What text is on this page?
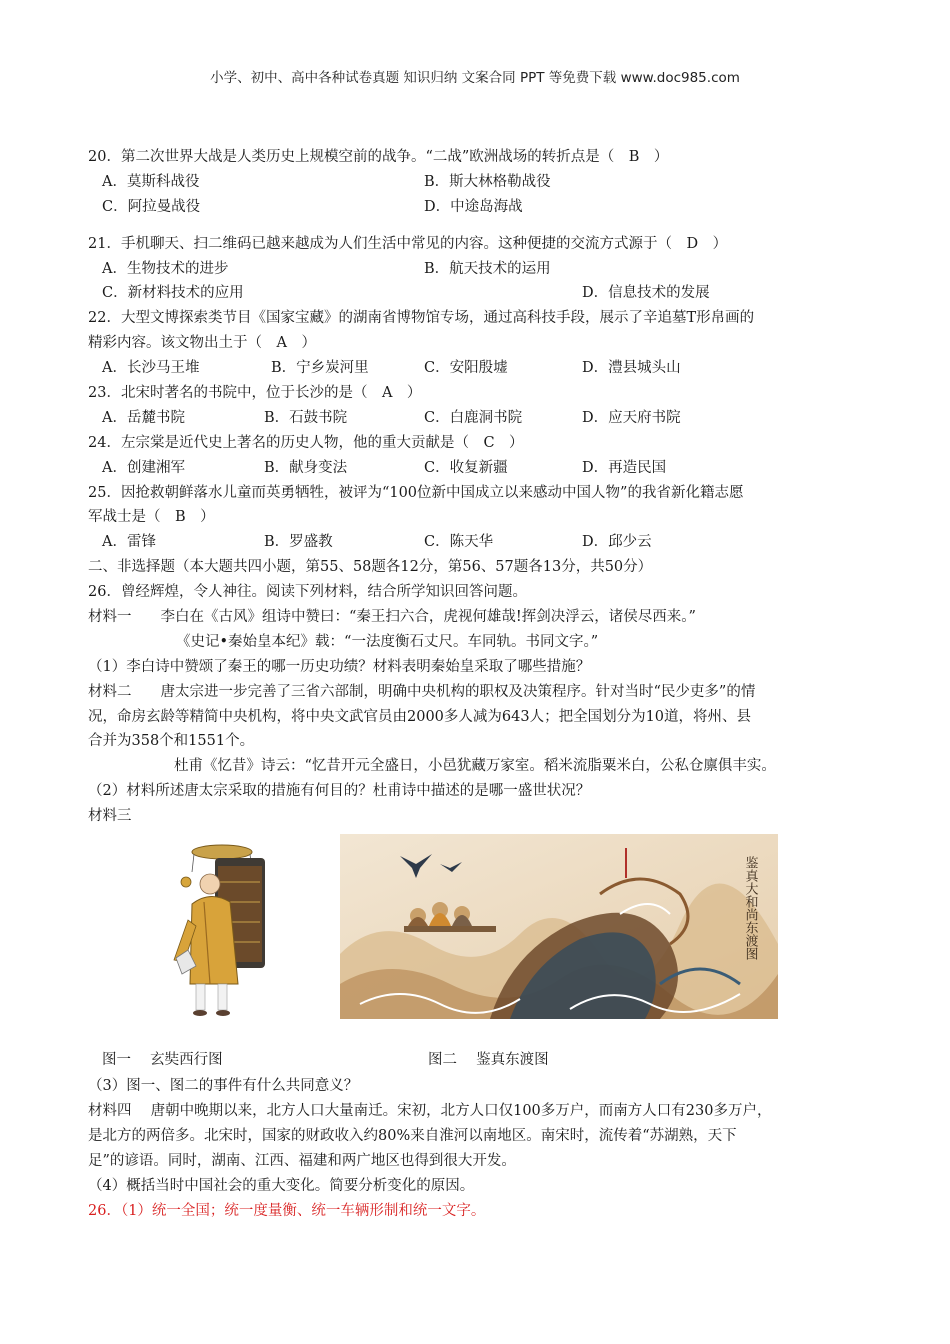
小学、初中、高中各种试卷真题 知识归纳 文案合同 PPT 等免费下载 www.doc985.com
20．第二次世界大战是人类历史上规模空前的战争。“二战”欧洲战场的转折点是（　B　）
A．莫斯科战役	B．斯大林格勒战役
C．阿拉曼战役	D．中途岛海战
21．手机聊天、扫二维码已越来越成为人们生活中常见的内容。这种便捷的交流方式源于（　D　）
A．生物技术的进步	B．航天技术的运用
C．新材料技术的应用	D．信息技术的发展
22．大型文博探索类节目《国家宝藏》的湖南省博物馆专场，通过高科技手段，展示了辛追墓T形帛画的
精彩内容。该文物出土于（　A　）
A．长沙马王堆	B．宁乡炭河里	C．安阳殷墟	D．澧县城头山
23．北宋时著名的书院中，位于长沙的是（　A　）
A．岳麓书院	B．石鼓书院	C．白鹿洞书院	D．应天府书院
24．左宗棠是近代史上著名的历史人物，他的重大贡献是（　C　）
A．创建湘军	B．献身变法	C．收复新疆	D．再造民国
25．因抢救朝鲜落水儿童而英勇牺牲，被评为“100位新中国成立以来感动中国人物”的我省新化籍志愿
军战士是（　B　）
A．雷锋	B．罗盛教	C．陈天华	D．邱少云
二、非选择题（本大题共四小题，第55、58题各12分，第56、57题各13分，共50分）
26．曾经辉煌，令人神往。阅读下列材料，结合所学知识回答问题。
材料一　　李白在《古风》组诗中赞曰：“秦王扫六合，虎视何雄哉!挥剑决浮云，诸侯尽西来。”
《史记•秦始皇本纪》载：“一法度衡石丈尺。车同轨。书同文字。”
（1）李白诗中赞颂了秦王的哪一历史功绩？材料表明秦始皇采取了哪些措施？
材料二　　唐太宗进一步完善了三省六部制，明确中央机构的职权及决策程序。针对当时“民少吏多”的情
况，命房玄龄等精简中央机构，将中央文武官员由2000多人减为643人；把全国划分为10道，将州、县
合并为358个和1551个。
杜甫《忆昔》诗云：“忆昔开元全盛日，小邑犹藏万家室。稻米流脂粟米白，公私仓廪俱丰实。
（2）材料所述唐太宗采取的措施有何目的？杜甫诗中描述的是哪一盛世状况？
材料三
鉴真大和尚东渡图
图一　 玄奘西行图	图二　 鉴真东渡图
（3）图一、图二的事件有什么共同意义？
材料四　 唐朝中晚期以来，北方人口大量南迁。宋初，北方人口仅100多万户，而南方人口有230多万户，
是北方的两倍多。北宋时，国家的财政收入约80%来自淮河以南地区。南宋时，流传着“苏湖熟，天下
足”的谚语。同时，湖南、江西、福建和两广地区也得到很大开发。
（4）概括当时中国社会的重大变化。简要分析变化的原因。
26．（1）统一全国；统一度量衡、统一车辆形制和统一文字。
